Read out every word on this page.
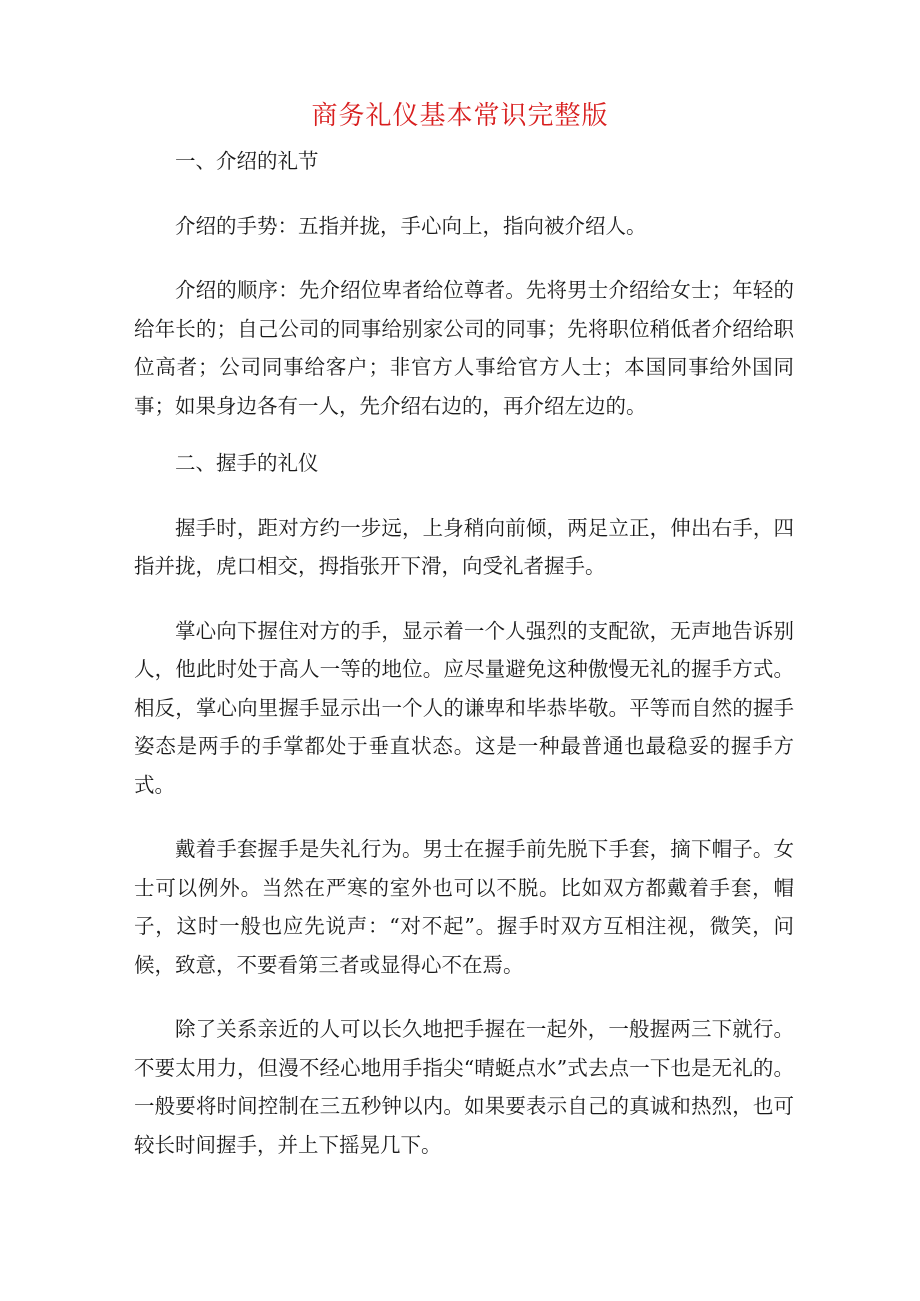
商务礼仪基本常识完整版

一、介绍的礼节

介绍的手势：五指并拢，手心向上，指向被介绍人。

介绍的顺序：先介绍位卑者给位尊者。先将男士介绍给女士；年轻的给年长的；自己公司的同事给别家公司的同事；先将职位稍低者介绍给职位高者；公司同事给客户；非官方人事给官方人士；本国同事给外国同事；如果身边各有一人，先介绍右边的，再介绍左边的。

二、握手的礼仪

握手时，距对方约一步远，上身稍向前倾，两足立正，伸出右手，四指并拢，虎口相交，拇指张开下滑，向受礼者握手。

掌心向下握住对方的手，显示着一个人强烈的支配欲，无声地告诉别人，他此时处于高人一等的地位。应尽量避免这种傲慢无礼的握手方式。相反，掌心向里握手显示出一个人的谦卑和毕恭毕敬。平等而自然的握手姿态是两手的手掌都处于垂直状态。这是一种最普通也最稳妥的握手方式。

戴着手套握手是失礼行为。男士在握手前先脱下手套，摘下帽子。女士可以例外。当然在严寒的室外也可以不脱。比如双方都戴着手套，帽子，这时一般也应先说声：“对不起”。握手时双方互相注视，微笑，问候，致意，不要看第三者或显得心不在焉。

除了关系亲近的人可以长久地把手握在一起外，一般握两三下就行。不要太用力，但漫不经心地用手指尖“晴蜓点水”式去点一下也是无礼的。一般要将时间控制在三五秒钟以内。如果要表示自己的真诚和热烈，也可较长时间握手，并上下摇晃几下。
